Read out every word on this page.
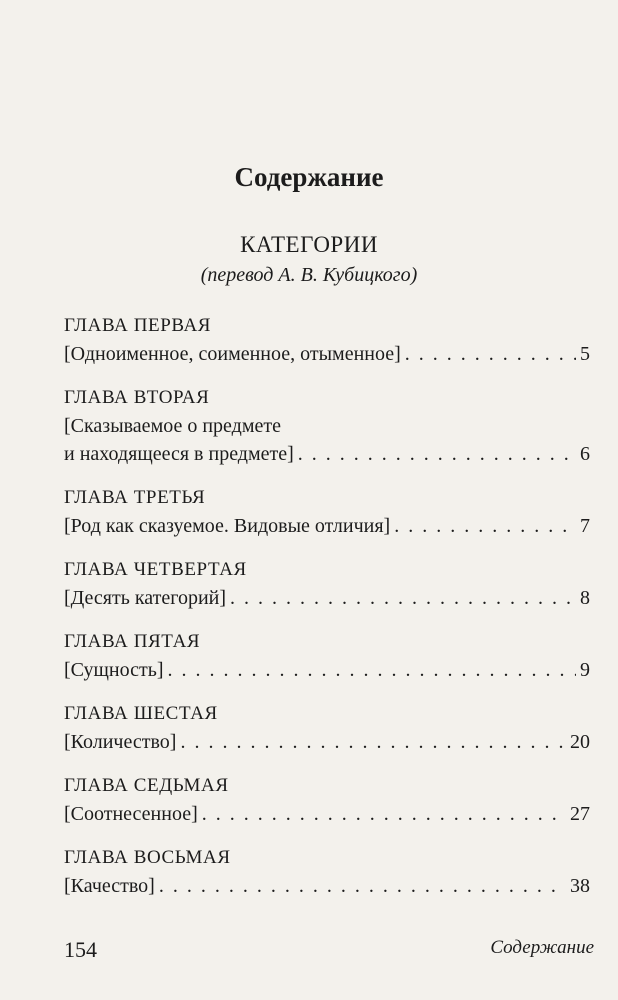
Содержание
КАТЕГОРИИ
(перевод А. В. Кубицкого)
ГЛАВА ПЕРВАЯ
[Одноименное, соименное, отыменное] . . .	5
ГЛАВА ВТОРАЯ
[Сказываемое о предмете
и находящееся в предмете] . . .	6
ГЛАВА ТРЕТЬЯ
[Род как сказуемое. Видовые отличия] . . .	7
ГЛАВА ЧЕТВЕРТАЯ
[Десять категорий] . . .	8
ГЛАВА ПЯТАЯ
[Сущность] . . .	9
ГЛАВА ШЕСТАЯ
[Количество] . . .	20
ГЛАВА СЕДЬМАЯ
[Соотнесенное] . . .	27
ГЛАВА ВОСЬМАЯ
[Качество] . . .	38
154	Содержание
